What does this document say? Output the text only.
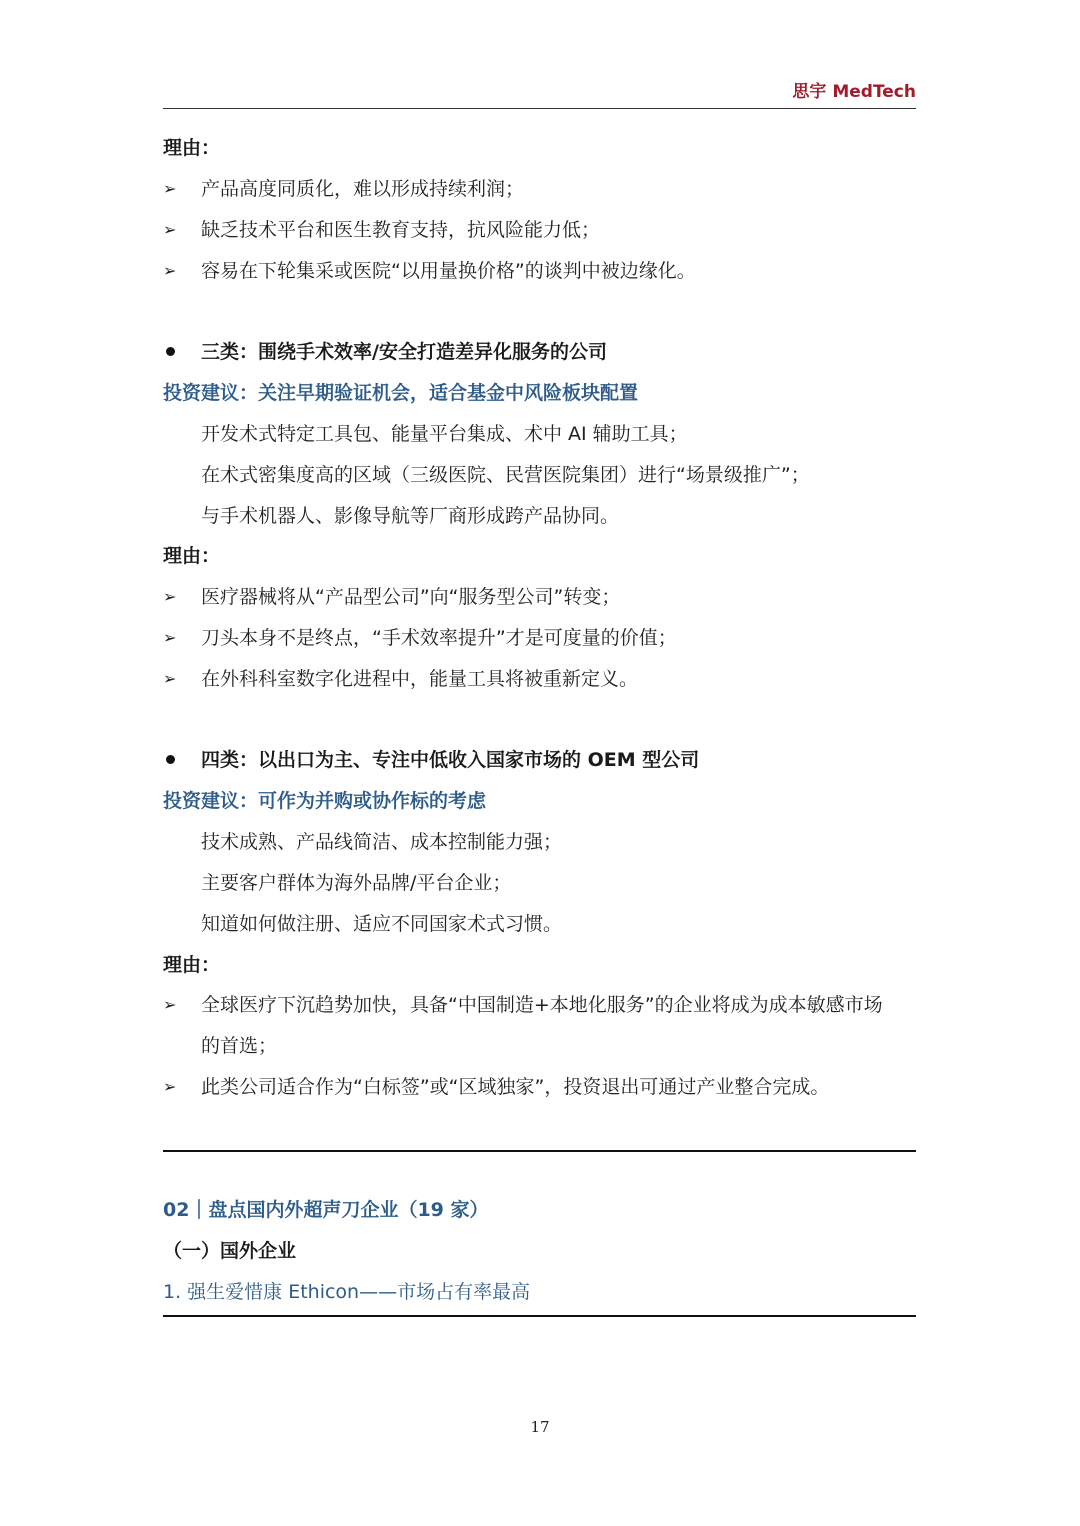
思宇 MedTech
理由：
➢ 产品高度同质化，难以形成持续利润；
➢ 缺乏技术平台和医生教育支持，抗风险能力低；
➢ 容易在下轮集采或医院“以用量换价格”的谈判中被边缘化。
三类：围绕手术效率/安全打造差异化服务的公司
投资建议：关注早期验证机会，适合基金中风险板块配置
开发术式特定工具包、能量平台集成、术中 AI 辅助工具；
在术式密集度高的区域（三级医院、民营医院集团）进行“场景级推广”；
与手术机器人、影像导航等厂商形成跨产品协同。
理由：
➢ 医疗器械将从“产品型公司”向“服务型公司”转变；
➢ 刀头本身不是终点，“手术效率提升”才是可度量的价值；
➢ 在外科科室数字化进程中，能量工具将被重新定义。
四类：以出口为主、专注中低收入国家市场的 OEM 型公司
投资建议：可作为并购或协作标的考虑
技术成熟、产品线简洁、成本控制能力强；
主要客户群体为海外品牌/平台企业；
知道如何做注册、适应不同国家术式习惯。
理由：
➢ 全球医疗下沉趋势加快，具备“中国制造+本地化服务”的企业将成为成本敏感市场
的首选；
➢ 此类公司适合作为“白标签”或“区域独家”，投资退出可通过产业整合完成。
02｜盘点国内外超声刀企业（19 家）
（一）国外企业
1. 强生爱惜康 Ethicon——市场占有率最高
17
